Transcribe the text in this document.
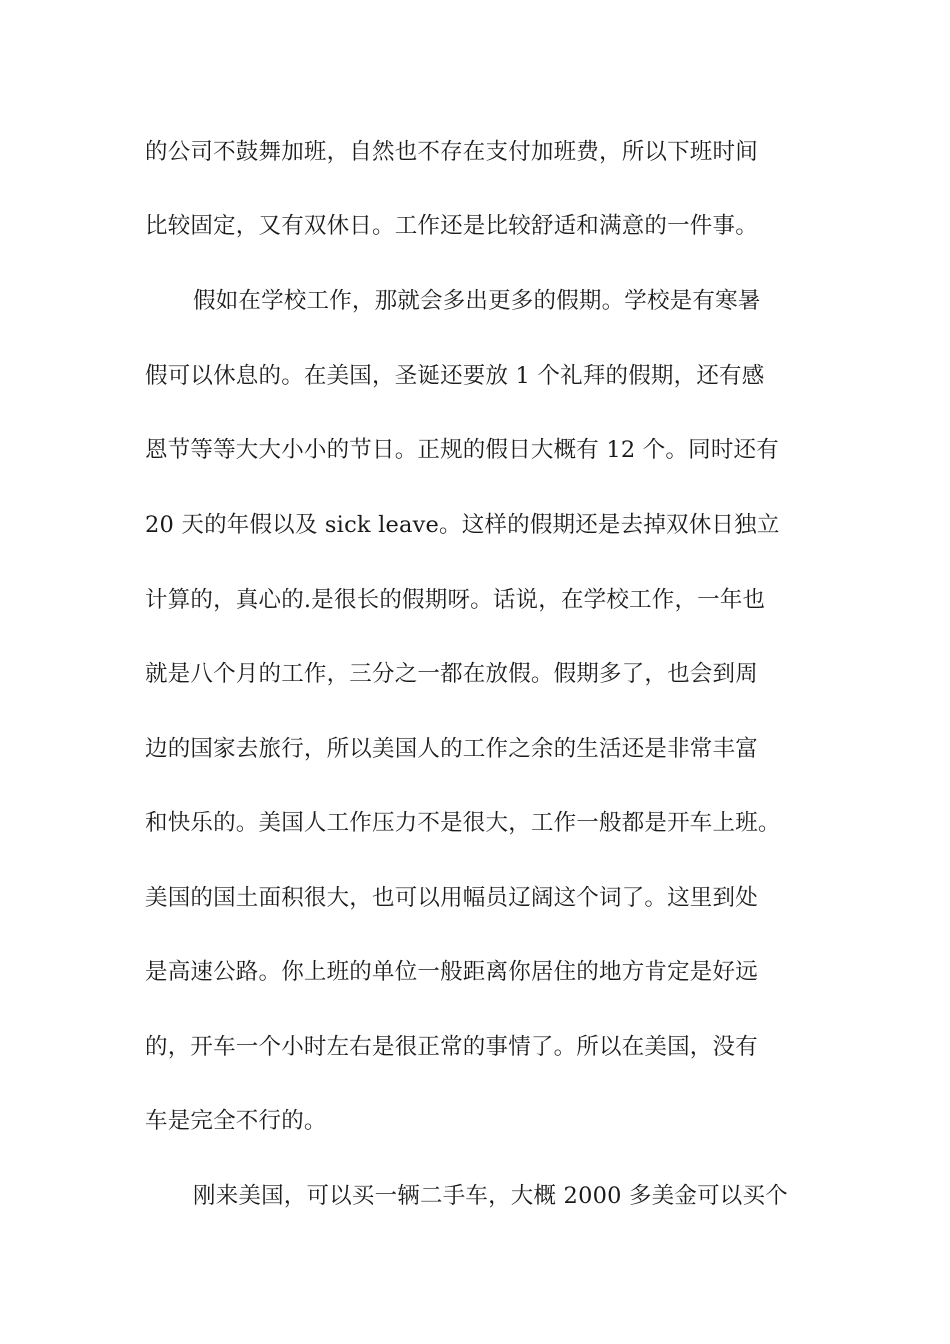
的公司不鼓舞加班，自然也不存在支付加班费，所以下班时间
比较固定，又有双休日。工作还是比较舒适和满意的一件事。
假如在学校工作，那就会多出更多的假期。学校是有寒暑
假可以休息的。在美国，圣诞还要放 1 个礼拜的假期，还有感
恩节等等大大小小的节日。正规的假日大概有 12 个。同时还有
20 天的年假以及 sick leave。这样的假期还是去掉双休日独立
计算的，真心的.是很长的假期呀。话说，在学校工作，一年也
就是八个月的工作，三分之一都在放假。假期多了，也会到周
边的国家去旅行，所以美国人的工作之余的生活还是非常丰富
和快乐的。美国人工作压力不是很大，工作一般都是开车上班。
美国的国土面积很大，也可以用幅员辽阔这个词了。这里到处
是高速公路。你上班的单位一般距离你居住的地方肯定是好远
的，开车一个小时左右是很正常的事情了。所以在美国，没有
车是完全不行的。
刚来美国，可以买一辆二手车，大概 2000 多美金可以买个
